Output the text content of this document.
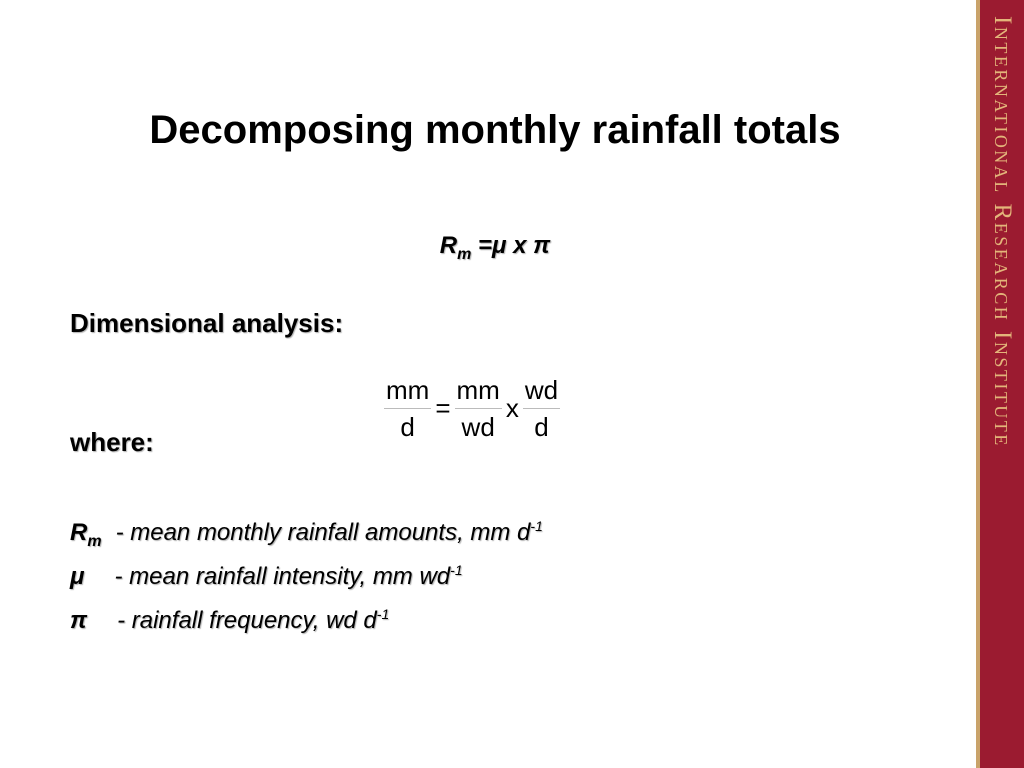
International Research Institute
Decomposing monthly rainfall totals
$R_m =\mu$ x π
Dimensional analysis:
$\frac{mm}{d} = \frac{mm}{wd}$ x $\frac{wd}{d}$
where:
$R_m$ - mean monthly rainfall amounts, mm $d^{-1}$
μ - mean rainfall intensity, mm $wd^{-1}$
π - rainfall frequency, wd $d^{-1}$
